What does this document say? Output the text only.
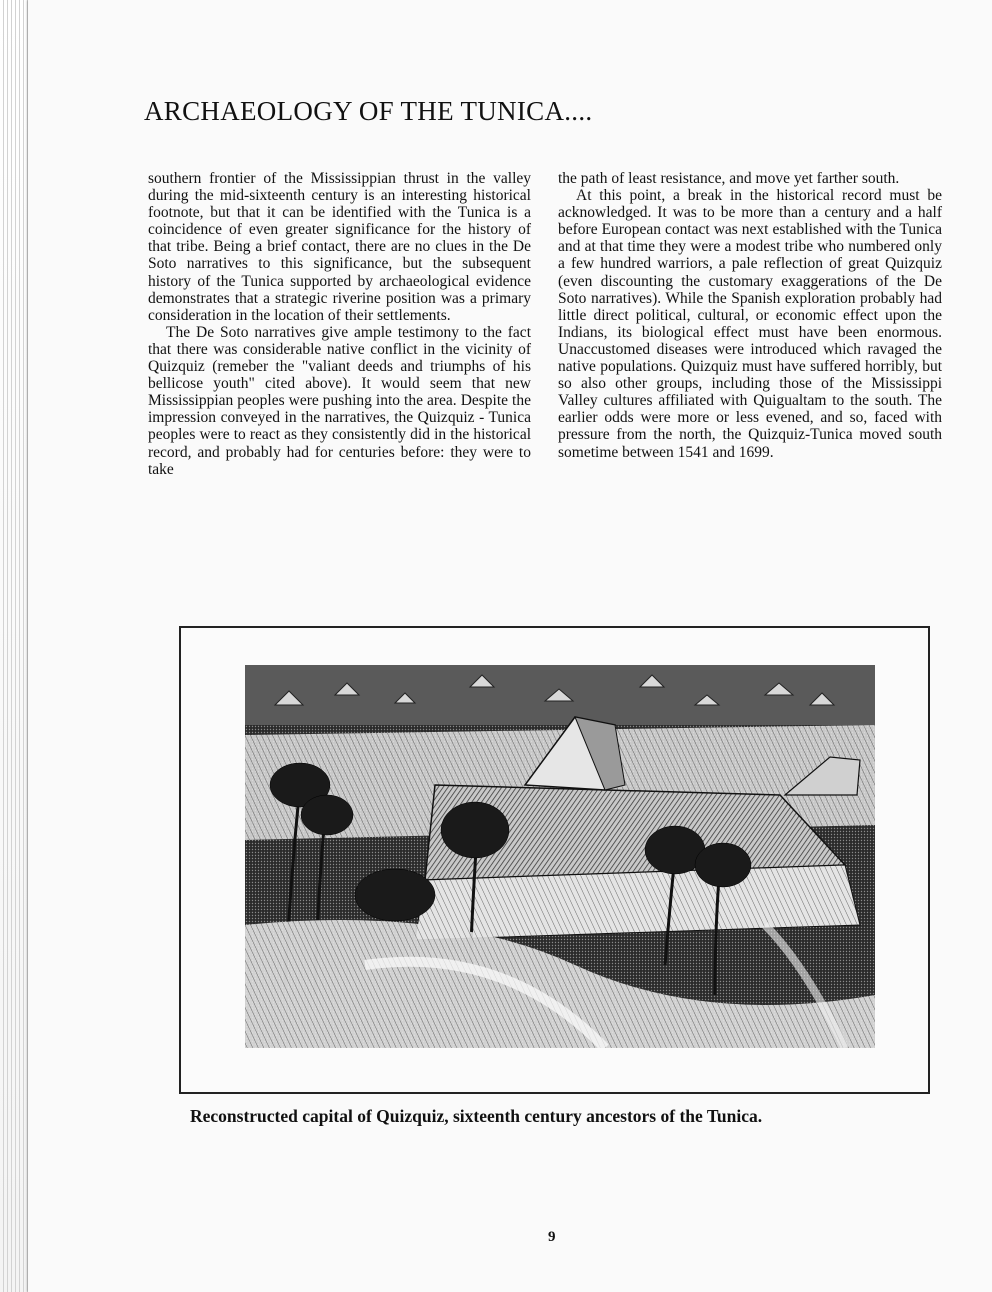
ARCHAEOLOGY OF THE TUNICA....

southern frontier of the Mississippian thrust in the valley during the mid-sixteenth century is an interesting historical footnote, but that it can be identified with the Tunica is a coincidence of even greater significance for the history of that tribe. Being a brief contact, there are no clues in the De Soto narratives to this significance, but the subsequent history of the Tunica supported by archaeological evidence demonstrates that a strategic riverine position was a primary consideration in the location of their settlements.

The De Soto narratives give ample testimony to the fact that there was considerable native conflict in the vicinity of Quizquiz (remeber the "valiant deeds and triumphs of his bellicose youth" cited above). It would seem that new Mississippian peoples were pushing into the area. Despite the impression conveyed in the narratives, the Quizquiz - Tunica peoples were to react as they consistently did in the historical record, and probably had for centuries before: they were to take

the path of least resistance, and move yet farther south.

At this point, a break in the historical record must be acknowledged. It was to be more than a century and a half before European contact was next established with the Tunica and at that time they were a modest tribe who numbered only a few hundred warriors, a pale reflection of great Quizquiz (even discounting the customary exaggerations of the De Soto narratives). While the Spanish exploration probably had little direct political, cultural, or economic effect upon the Indians, its biological effect must have been enormous. Unaccustomed diseases were introduced which ravaged the native populations. Quizquiz must have suffered horribly, but so also other groups, including those of the Mississippi Valley cultures affiliated with Quigualtam to the south. The earlier odds were more or less evened, and so, faced with pressure from the north, the Quizquiz-Tunica moved south sometime between 1541 and 1699.

Reconstructed capital of Quizquiz, sixteenth century ancestors of the Tunica.
9
